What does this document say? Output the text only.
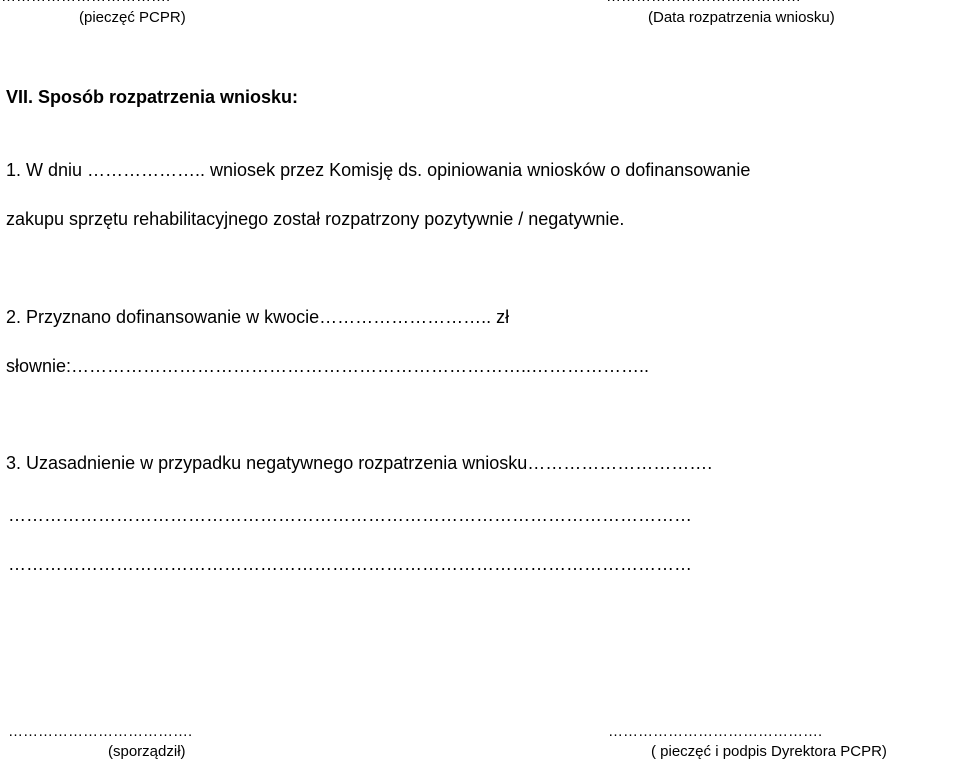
(pieczęć PCPR)	(Data rozpatrzenia wniosku)
VII. Sposób rozpatrzenia wniosku:
1. W dniu ……………….. wniosek przez Komisję ds. opiniowania wniosków o dofinansowanie
zakupu sprzętu rehabilitacyjnego został rozpatrzony pozytywnie / negatywnie.
2. Przyznano dofinansowanie w kwocie……………………….. zł
słownie:…………………………………………………………………..………………..
3. Uzasadnienie w przypadku negatywnego rozpatrzenia wniosku………………………….
……………………………………………………………………………………………………
……………………………………………………………………………………………………
……………………………….
(sporządził)
…………………………………….
( pieczęć i podpis Dyrektora PCPR)
